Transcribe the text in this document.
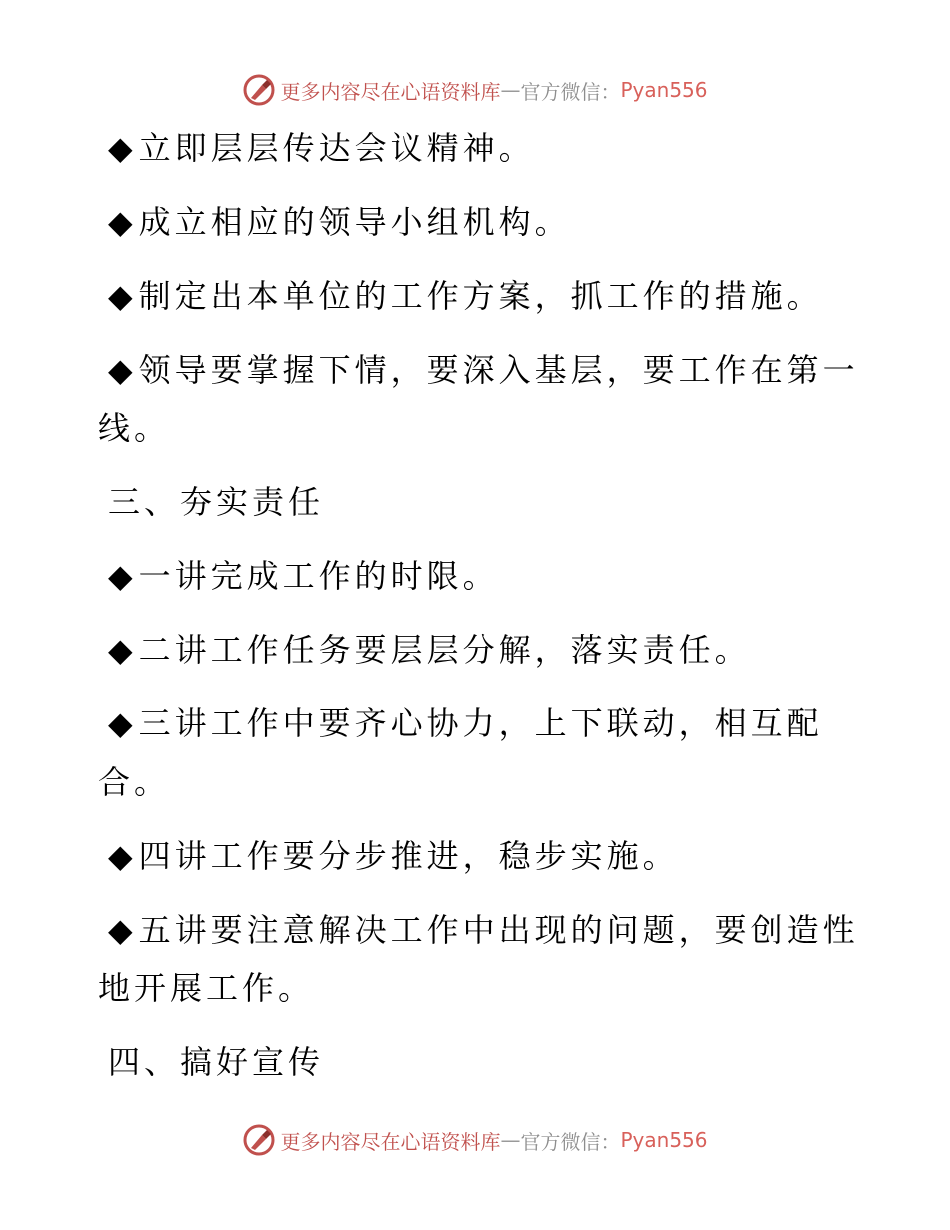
更多内容尽在心语资料库 — 官方微信： Pyan556
◆立即层层传达会议精神。
◆成立相应的领导小组机构。
◆制定出本单位的工作方案，抓工作的措施。
◆领导要掌握下情，要深入基层，要工作在第一
线。
三、夯实责任
◆一讲完成工作的时限。
◆二讲工作任务要层层分解，落实责任。
◆三讲工作中要齐心协力，上下联动，相互配
合。
◆四讲工作要分步推进，稳步实施。
◆五讲要注意解决工作中出现的问题，要创造性
地开展工作。
四、搞好宣传
更多内容尽在心语资料库 — 官方微信： Pyan556
